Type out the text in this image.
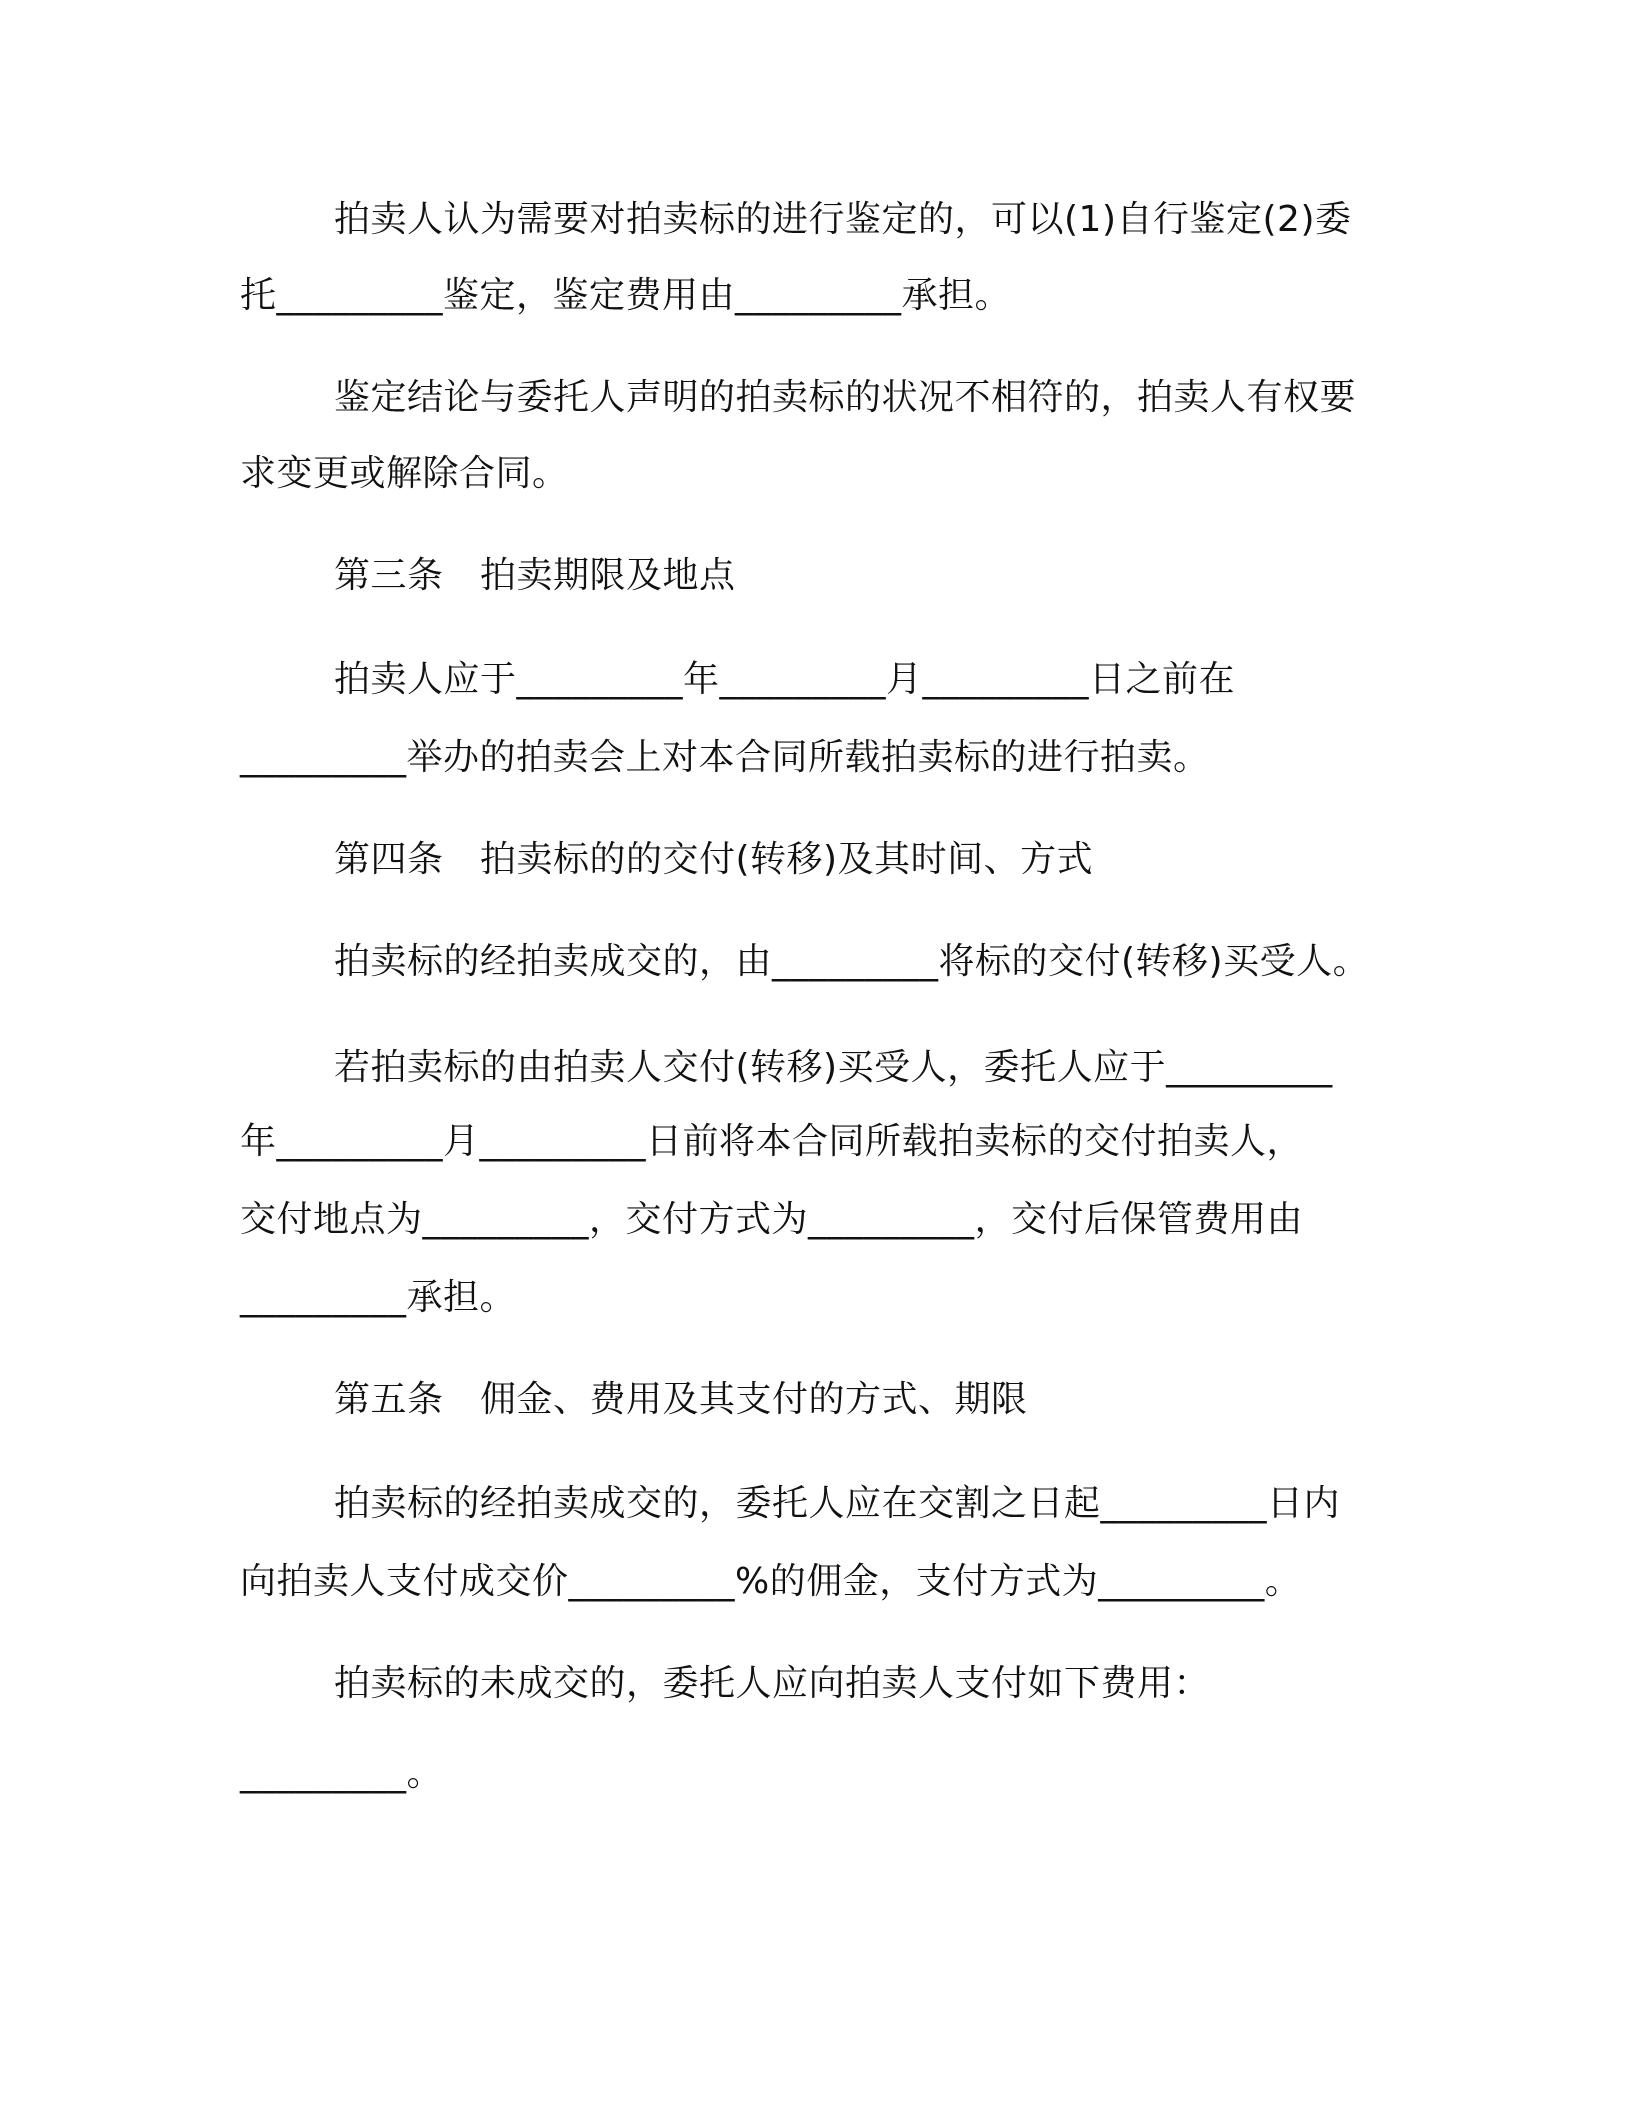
拍卖人认为需要对拍卖标的进行鉴定的，可以(1)自行鉴定(2)委
托_________鉴定，鉴定费用由_________承担。
鉴定结论与委托人声明的拍卖标的状况不相符的，拍卖人有权要
求变更或解除合同。
第三条　拍卖期限及地点
拍卖人应于_________年_________月_________日之前在
_________举办的拍卖会上对本合同所载拍卖标的进行拍卖。
第四条　拍卖标的的交付(转移)及其时间、方式
拍卖标的经拍卖成交的，由_________将标的交付(转移)买受人。
若拍卖标的由拍卖人交付(转移)买受人，委托人应于_________
年_________月_________日前将本合同所载拍卖标的交付拍卖人，
交付地点为_________，交付方式为_________，交付后保管费用由
_________承担。
第五条　佣金、费用及其支付的方式、期限
拍卖标的经拍卖成交的，委托人应在交割之日起_________日内
向拍卖人支付成交价_________%的佣金，支付方式为_________。
拍卖标的未成交的，委托人应向拍卖人支付如下费用：
_________。
